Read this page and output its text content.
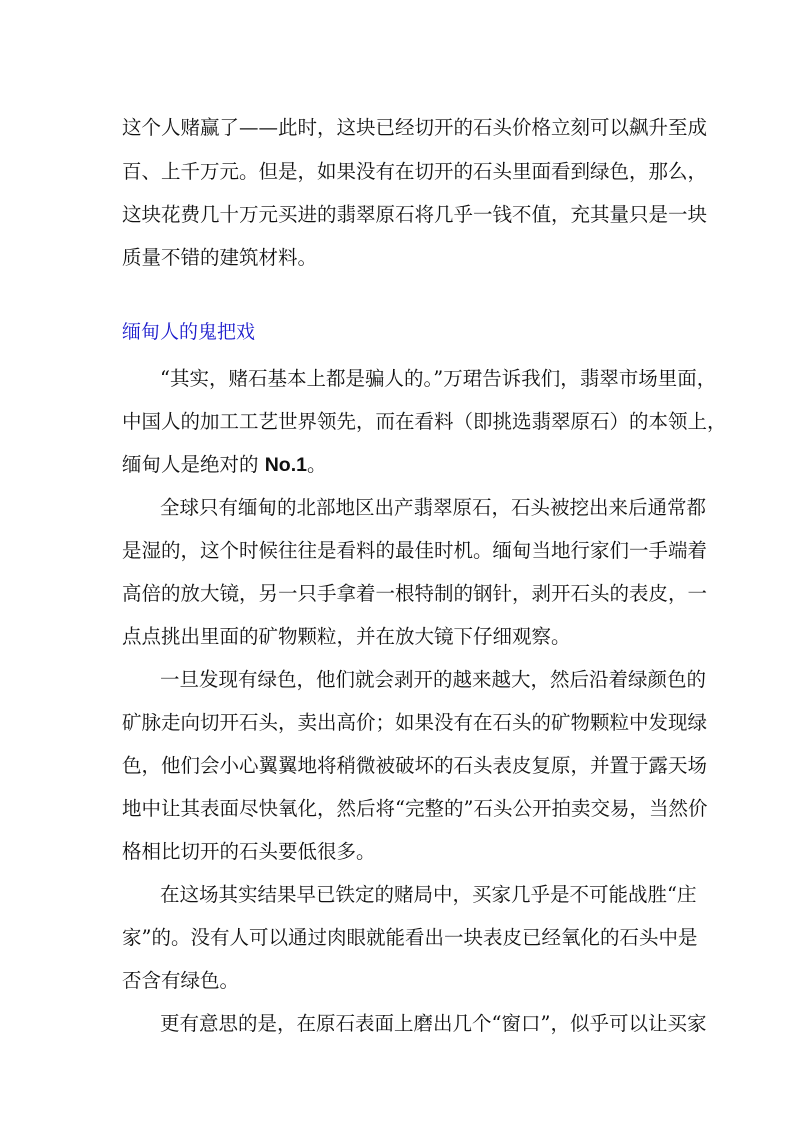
这个人赌赢了——此时，这块已经切开的石头价格立刻可以飙升至成
百、上千万元。但是，如果没有在切开的石头里面看到绿色，那么，
这块花费几十万元买进的翡翠原石将几乎一钱不值，充其量只是一块
质量不错的建筑材料。
缅甸人的鬼把戏
“其实，赌石基本上都是骗人的。”万珺告诉我们，翡翠市场里面，
中国人的加工工艺世界领先，而在看料（即挑选翡翠原石）的本领上，
缅甸人是绝对的 No.1。
全球只有缅甸的北部地区出产翡翠原石，石头被挖出来后通常都
是湿的，这个时候往往是看料的最佳时机。缅甸当地行家们一手端着
高倍的放大镜，另一只手拿着一根特制的钢针，剥开石头的表皮，一
点点挑出里面的矿物颗粒，并在放大镜下仔细观察。
一旦发现有绿色，他们就会剥开的越来越大，然后沿着绿颜色的
矿脉走向切开石头，卖出高价；如果没有在石头的矿物颗粒中发现绿
色，他们会小心翼翼地将稍微被破坏的石头表皮复原，并置于露天场
地中让其表面尽快氧化，然后将“完整的”石头公开拍卖交易，当然价
格相比切开的石头要低很多。
在这场其实结果早已铁定的赌局中，买家几乎是不可能战胜“庄
家”的。没有人可以通过肉眼就能看出一块表皮已经氧化的石头中是
否含有绿色。
更有意思的是，在原石表面上磨出几个“窗口”，似乎可以让买家
